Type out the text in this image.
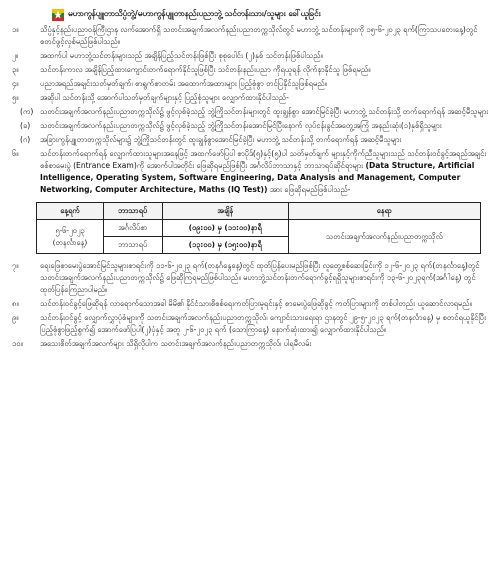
မဟာကွန်ပျူတာသိပ္ပံဘွဲ့/မဟာကွန်ပျူတာနည်းပညာဘွဲ့ သင်တန်းသား/သူများ ခေါ်ယူခြင်း
၁။	သိပ္ပံနှင့်နည်းပညာဝန်ကြီးဌာန လက်အောက်ရှိ သတင်းအချက်အလက်နည်းပညာတက္ကသိုလ်တွင် မဟာဘွဲ့ သင်တန်းများကို ၁၅-၆-၂၀၂၃ ရက်(ကြာသပတေးနေ့)တွင် စတင်ဖွင့်လှစ်မည်ဖြစ်ပါသည်။
၂။	အထက်ပါ မဟာဘွဲ့သင်တန်းများသည် အချိန်ပြည့်သင်တန်းဖြစ်ပြီး စုစုပေါင်း (၂)နှစ် သင်တန်းဖြစ်ပါသည်။
၃။	သင်တန်းကာလ အချိန်ပြည့်ထားကျောင်းတက်ရောက်နိုင်သူဖြစ်ပြီး သင်တန်းနည်းပညာ ကိုရယူရန် လိုက်နာနိုင်သူ ဖြစ်ရမည်။
၄။	ပညာအရည်အချင်းသတ်မှတ်ချက်၊ စာရွက်စာတမ်း အထောက်အထားများ ပြည့်စုံစွာ တင်ပြနိုင်သူဖြစ်ရမည်။
၅။	အဆိုပါ သင်တန်းသို့ အောက်ပါသတ်မှတ်ချက်များနှင့် ပြည့်စုံသူများ လျှောက်ထားနိုင်ပါသည်-
(က) သတင်းအချက်အလက်နည်းပညာတက္ကသိုလ်၌ ဖွင့်လှစ်ခဲ့သည့် ဘွဲ့ကြိုသင်တန်းများတွင် ထူးချွန်စွာ အောင်မြင်ခဲ့ပြီး မဟာဘွဲ့ သင်တန်းသို့ တက်ရောက်ရန် အဆင့်မီသူများ
(ခ)	သတင်းအချက်အလက်နည်းပညာတက္ကသိုလ်၌ ဖွင့်လှစ်ခဲ့သည့် ဘွဲ့ကြိုသင်တန်းအောင်မြင်ပြီးနောက် လုပ်ငန်းခွင်အတွေ့အကြုံ အနည်းဆုံး(၁)နှစ်ရှိသူများ
(ဂ)	အခြားကွန်ပျူတာတက္ကသိုလ်များ၌ ဘွဲ့ကြိုသင်တန်းတွင် ထူးချွန်စွာအောင်မြင်ခဲ့ပြီး မဟာဘွဲ့ သင်တန်းသို့ တက်ရောက်ရန် အဆင့်မီသူများ
၆။	သင်တန်းတက်ရောက်ရန် လျှောက်ထားသူများအနေဖြင့် အထက်ဖော်ပြပါ စာပိုဒ်(၅)နှင့်(၅)ပါ သတ်မှတ်ချက် များနှင့်ကိုက်ညီသူများသည် သင်တန်းဝင်ခွင့်အရည်အချင်းစစ်စာမေးပွဲ (Entrance Exam)ကို အောက်ပါအတိုင်း ဖြေဆိုရမည်ဖြစ်ပြီး အင်္ဂလိပ်ဘာသာနှင့် ဘာသာရပ်ဆိုင်ရာများ (Data Structure, Artificial Intelligence, Operating System, Software Engineering, Data Analysis and Management, Computer Networking, Computer Architecture, Maths (IQ Test)) အား ဖြေဆိုရမည်ဖြစ်ပါသည်-
နေ့ရက်	ဘာသာရပ်	အချိန်	နေရာ

၅-၆-၂၀၂၃
(တနင်္လာနေ့)	အင်္ဂလိပ်စာ	(၀၉:၀၀) မှ (၁၁:၀၀)နာရီ	သတင်းအချက်အလက်နည်းပညာတက္ကသိုလ်
	ဘာသာရပ်	(၁၃:၀၀) မှ (၁၅:၀၀)နာရီ	
၇။	ရေးဖြေစာမေးပွဲအောင်မြင်သူများစာရင်းကို ၁၁-၆-၂၀၂၃ ရက်(တနင်္ဂနွေနေ့)တွင် ထုတ်ပြန်ပေးမည်ဖြစ်ပြီး လူတွေ့စစ်ဆေးခြင်းကို ၁၂-၆-၂၀၂၃ ရက်(တနင်္လာနေ့)တွင် သတင်းအချက်အလက်နည်းပညာတက္ကသိုလ်၌ ဖြေဆိုကြရမည်ဖြစ်ပါသည်။ မဟာဘွဲ့သင်တန်းတက်ရောက်ခွင့်ရရှိသူများစာရင်းကို ၁၃-၆-၂၀၂၃ရက်(အင်္ဂါနေ့) တွင် ထုတ်ပြန်ကြေညာပါမည်။
၈။	သင်တန်းဝင်ခွင့်ဖြေဆိုရန် လာရောက်သောအခါ မိမိ၏ နိုင်ငံသားစိစစ်ရေးကတ်ပြားမူရင်းနှင့် စာမေးပွဲဖြေဆိုခွင့် ကတ်ပြားများကို တစ်ပါတည်း ယူဆောင်လာရမည်။
၉။	သင်တန်းဝင်ခွင့် လျှောက်လွှာပုံစံများကို သတင်းအချက်အလက်နည်းပညာတက္ကသိုလ်၊ ကျောင်းသားရေးရာ ဌာနတွင် ၂၉-၅-၂၀၂၃ ရက်(တနင်္လာနေ့) မှ စတင်ရယူနိုင်ပြီး ပြည့်စုံစွာဖြည့်စွက်၍ အောက်ဖော်ပြပါ(၂)ပုံနှင့် အတူ ၂-၆-၂၀၂၃ ရက် (သောကြာနေ့) နောက်ဆုံးထား၍ လျှောက်ထားနိုင်ပါသည်။
၁၀။	အသေးစိတ်အချက်အလက်များ သိရှိလိုပါက သတင်းအချက်အလက်နည်းပညာတက္ကသိုလ်၊ ပါရမီလမ်း
